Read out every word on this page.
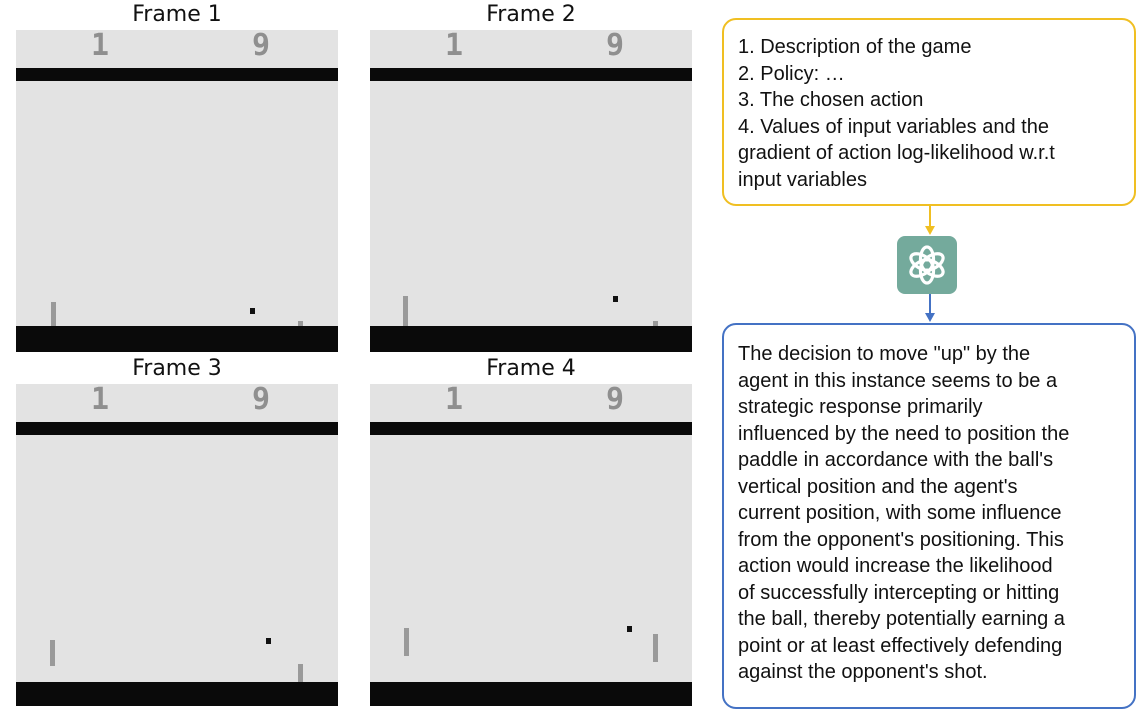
Frame 1
1	9
Frame 2
1	9
Frame 3
1	9
Frame 4
1	9
1. Description of the game
2. Policy: …
3. The chosen action
4. Values of input variables and the
gradient of action log-likelihood w.r.t
input variables
The decision to move "up" by the
agent in this instance seems to be a
strategic response primarily
influenced by the need to position the
paddle in accordance with the ball's
vertical position and the agent's
current position, with some influence
from the opponent's positioning. This
action would increase the likelihood
of successfully intercepting or hitting
the ball, thereby potentially earning a
point or at least effectively defending
against the opponent's shot.
